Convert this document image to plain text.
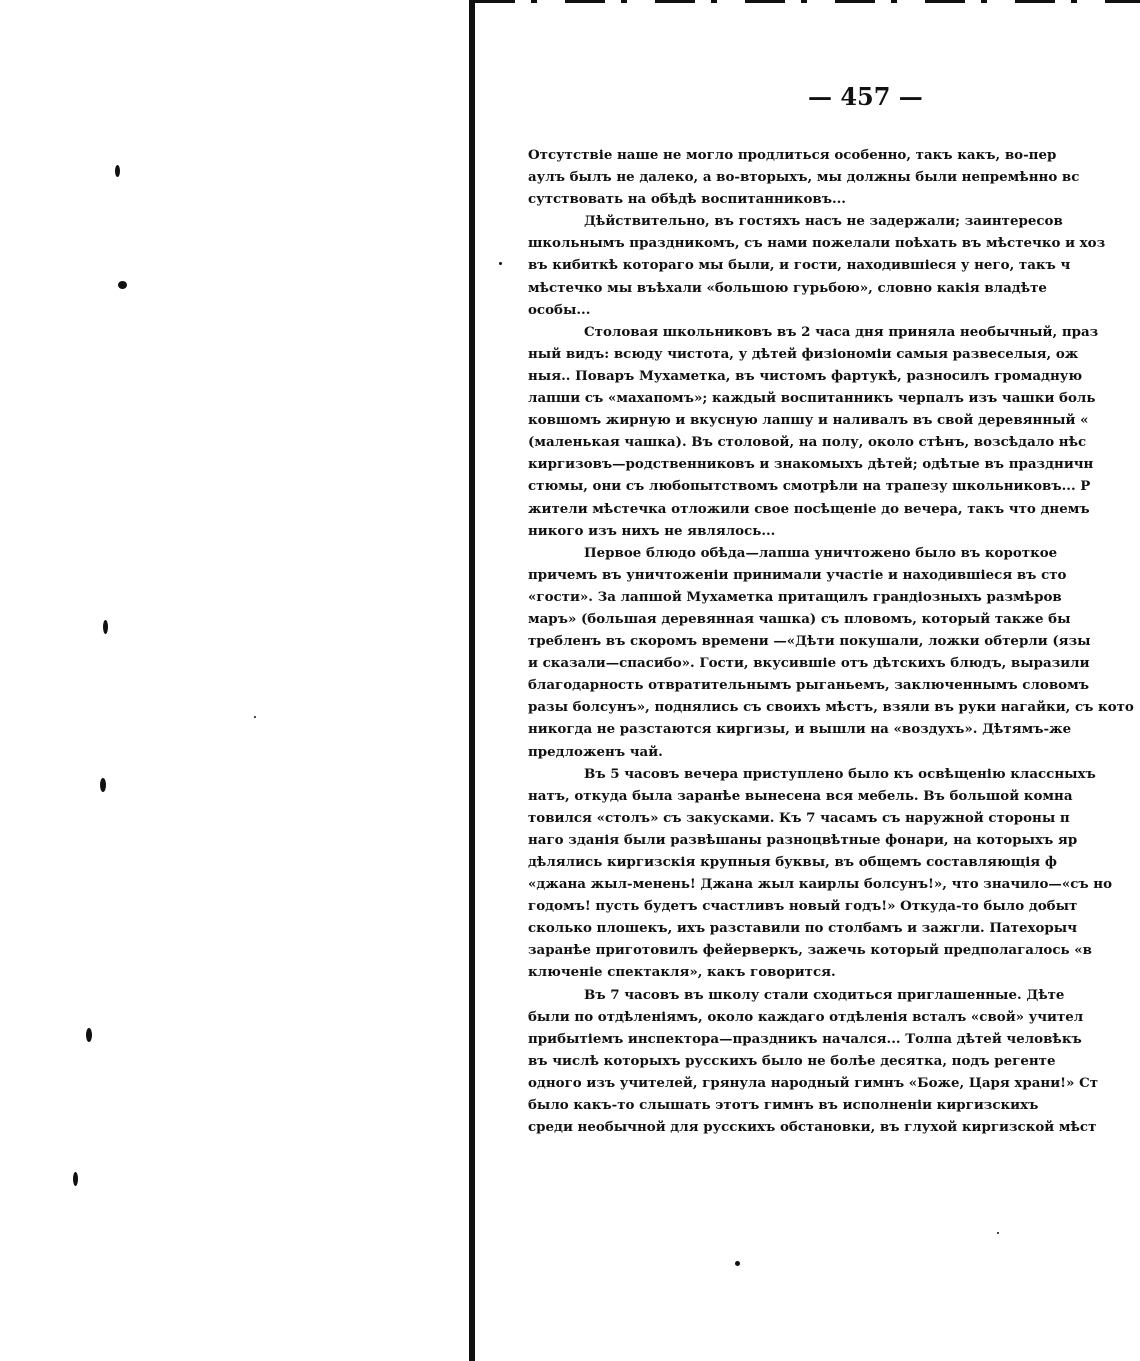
— 457 —
Отсутствіе наше не могло продлиться особенно, такъ какъ, во-пер
аулъ былъ не далеко, а во-вторыхъ, мы должны были непремѣнно вс
сутствовать на обѣдѣ воспитанниковъ...
Дѣйствительно, въ гостяхъ насъ не задержали; заинтересов
школьнымъ праздникомъ, съ нами пожелали поѣхать въ мѣстечко и хоз
въ кибиткѣ котораго мы были, и гости, находившіеся у него, такъ ч
мѣстечко мы въѣхали «большою гурьбою», словно какія владѣте
особы...
Столовая школьниковъ въ 2 часа дня приняла необычный, праз
ный видъ: всюду чистота, у дѣтей физіономіи самыя развеселыя, ож
ныя.. Поваръ Мухаметка, въ чистомъ фартукѣ, разносилъ громадную
лапши съ «махапомъ»; каждый воспитанникъ черпалъ изъ чашки боль
ковшомъ жирную и вкусную лапшу и наливалъ въ свой деревянный «
(маленькая чашка). Въ столовой, на полу, около стѣнъ, возсѣдало нѣс
киргизовъ—родственниковъ и знакомыхъ дѣтей; одѣтые въ праздничн
стюмы, они съ любопытствомъ смотрѣли на трапезу школьниковъ... Р
жители мѣстечка отложили свое посѣщеніе до вечера, такъ что днемъ
никого изъ нихъ не являлось...
Первое блюдо обѣда—лапша уничтожено было въ короткое
причемъ въ уничтоженіи принимали участіе и находившіеся въ сто
«гости». За лапшой Мухаметка притащилъ грандіозныхъ размѣров
маръ» (большая деревянная чашка) съ пловомъ, который также бы
требленъ въ скоромъ времени —«Дѣти покушали, ложки обтерли (язы
и сказали—спасибо». Гости, вкусившіе отъ дѣтскихъ блюдъ, выразили
благодарность отвратительнымъ рыганьемъ, заключеннымъ словомъ
разы болсунъ», поднялись съ своихъ мѣстъ, взяли въ руки нагайки, съ кото
никогда не разстаются киргизы, и вышли на «воздухъ». Дѣтямъ-же
предложенъ чай.
Въ 5 часовъ вечера приступлено было къ освѣщенію классныхъ
натъ, откуда была заранѣе вынесена вся мебель. Въ большой комна
товился «столъ» съ закусками. Къ 7 часамъ съ наружной стороны п
наго зданія были развѣшаны разноцвѣтные фонари, на которыхъ яр
дѣлялись киргизскія крупныя буквы, въ общемъ составляющія ф
«джана жыл-менень! Джана жыл каирлы болсунъ!», что значило—«съ но
годомъ! пусть будетъ счастливъ новый годъ!» Откуда-то было добыт
сколько плошекъ, ихъ разставили по столбамъ и зажгли. Патехорыч
заранѣе приготовилъ фейерверкъ, зажечь который предполагалось «в
ключеніе спектакля», какъ говорится.
Въ 7 часовъ въ школу стали сходиться приглашенные. Дѣте
были по отдѣленіямъ, около каждаго отдѣленія всталъ «свой» учител
прибытіемъ инспектора—праздникъ начался... Толпа дѣтей человѣкъ
въ числѣ которыхъ русскихъ было не болѣе десятка, подъ регенте
одного изъ учителей, грянула народный гимнъ «Боже, Царя храни!» Ст
было какъ-то слышать этотъ гимнъ въ исполненіи киргизскихъ
среди необычной для русскихъ обстановки, въ глухой киргизской мѣст
